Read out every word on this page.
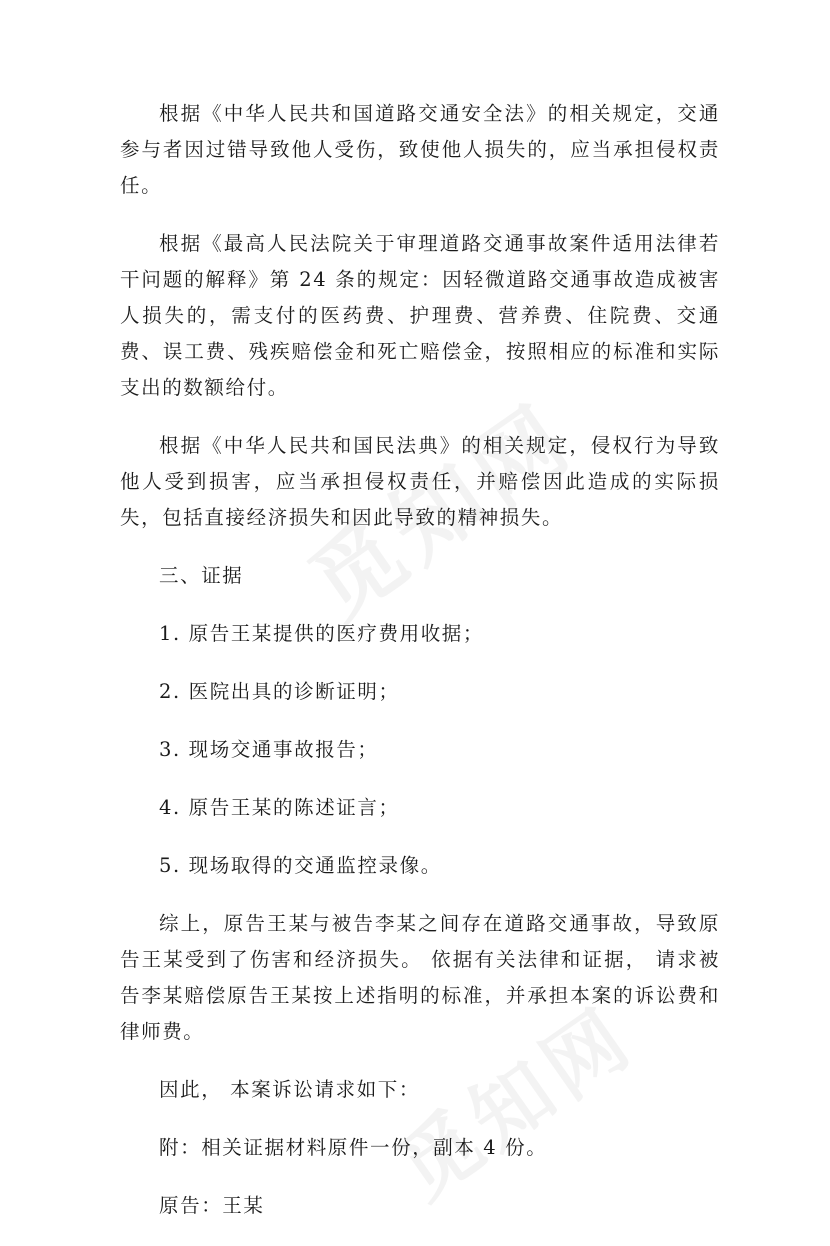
根据《中华人民共和国道路交通安全法》的相关规定，交通参与者因过错导致他人受伤，致使他人损失的，应当承担侵权责任。

根据《最高人民法院关于审理道路交通事故案件适用法律若干问题的解释》第 24 条的规定：因轻微道路交通事故造成被害人损失的，需支付的医药费、护理费、营养费、住院费、交通费、误工费、残疾赔偿金和死亡赔偿金，按照相应的标准和实际支出的数额给付。

根据《中华人民共和国民法典》的相关规定，侵权行为导致他人受到损害，应当承担侵权责任，并赔偿因此造成的实际损失，包括直接经济损失和因此导致的精神损失。

三、证据

1. 原告王某提供的医疗费用收据；

2. 医院出具的诊断证明；

3. 现场交通事故报告；

4. 原告王某的陈述证言；

5. 现场取得的交通监控录像。

综上，原告王某与被告李某之间存在道路交通事故，导致原告王某受到了伤害和经济损失。 依据有关法律和证据， 请求被告李某赔偿原告王某按上述指明的标准，并承担本案的诉讼费和律师费。

因此， 本案诉讼请求如下：

附：相关证据材料原件一份，副本 4 份。

原告：王某
